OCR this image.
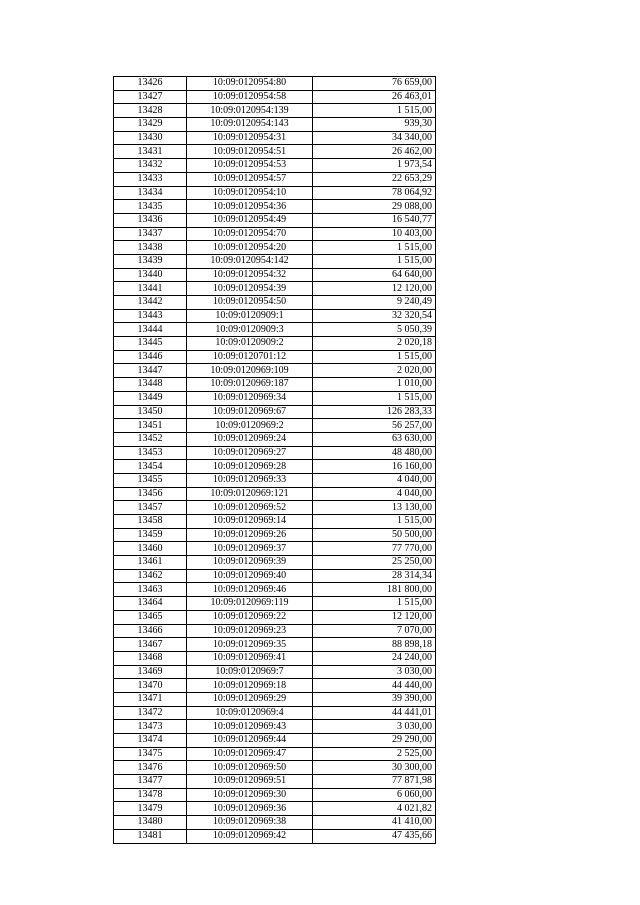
13426	10:09:0120954:80	76 659,00
13427	10:09:0120954:58	26 463,01
13428	10:09:0120954:139	1 515,00
13429	10:09:0120954:143	939,30
13430	10:09:0120954:31	34 340,00
13431	10:09:0120954:51	26 462,00
13432	10:09:0120954:53	1 973,54
13433	10:09:0120954:57	22 653,29
13434	10:09:0120954:10	78 064,92
13435	10:09:0120954:36	29 088,00
13436	10:09:0120954:49	16 540,77
13437	10:09:0120954:70	10 403,00
13438	10:09:0120954:20	1 515,00
13439	10:09:0120954:142	1 515,00
13440	10:09:0120954:32	64 640,00
13441	10:09:0120954:39	12 120,00
13442	10:09:0120954:50	9 240,49
13443	10:09:0120909:1	32 320,54
13444	10:09:0120909:3	5 050,39
13445	10:09:0120909:2	2 020,18
13446	10:09:0120701:12	1 515,00
13447	10:09:0120969:109	2 020,00
13448	10:09:0120969:187	1 010,00
13449	10:09:0120969:34	1 515,00
13450	10:09:0120969:67	126 283,33
13451	10:09:0120969:2	56 257,00
13452	10:09:0120969:24	63 630,00
13453	10:09:0120969:27	48 480,00
13454	10:09:0120969:28	16 160,00
13455	10:09:0120969:33	4 040,00
13456	10:09:0120969:121	4 040,00
13457	10:09:0120969:52	13 130,00
13458	10:09:0120969:14	1 515,00
13459	10:09:0120969:26	50 500,00
13460	10:09:0120969:37	77 770,00
13461	10:09:0120969:39	25 250,00
13462	10:09:0120969:40	28 314,34
13463	10:09:0120969:46	181 800,00
13464	10:09:0120969:119	1 515,00
13465	10:09:0120969:22	12 120,00
13466	10:09:0120969:23	7 070,00
13467	10:09:0120969:35	88 898,18
13468	10:09:0120969:41	24 240,00
13469	10:09:0120969:7	3 030,00
13470	10:09:0120969:18	44 440,00
13471	10:09:0120969:29	39 390,00
13472	10:09:0120969:4	44 441,01
13473	10:09:0120969:43	3 030,00
13474	10:09:0120969:44	29 290,00
13475	10:09:0120969:47	2 525,00
13476	10:09:0120969:50	30 300,00
13477	10:09:0120969:51	77 871,98
13478	10:09:0120969:30	6 060,00
13479	10:09:0120969:36	4 021,82
13480	10:09:0120969:38	41 410,00
13481	10:09:0120969:42	47 435,66
